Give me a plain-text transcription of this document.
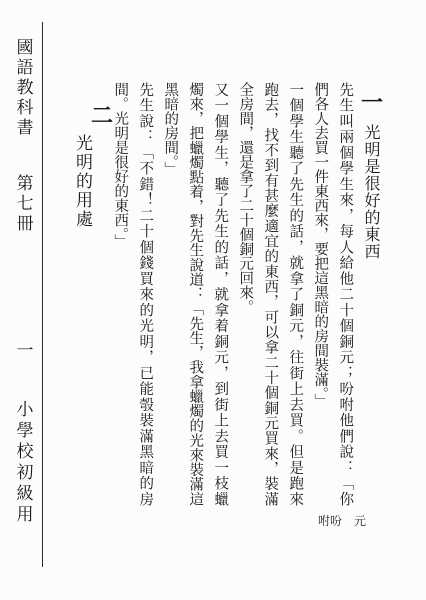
國語教科書
第七冊
一
小學校初級用
一
光明是很好的東西
先生叫兩個學生來，每人給他二十個銅元；吩咐他們說：「你
們各人去買一件東西來，要把這黑暗的房間裝滿。」
一個學生聽了先生的話，就拿了銅元，往街上去買。但是跑來
跑去，找不到有甚麼適宜的東西，可以拿二十個銅元買來，裝滿
全房間，還是拿了二十個銅元回來。
又一個學生，聽了先生的話，就拿着銅元，到街上去買一枝蠟
燭來，把蠟燭點着，對先生說道：「先生，我拿蠟燭的光來裝滿這
黑暗的房間。」
先生說：「不錯！二十個錢買來的光明，已能彀裝滿黑暗的房
間。光明是很好的東西。」
二
光明的用處
咐吩　元
